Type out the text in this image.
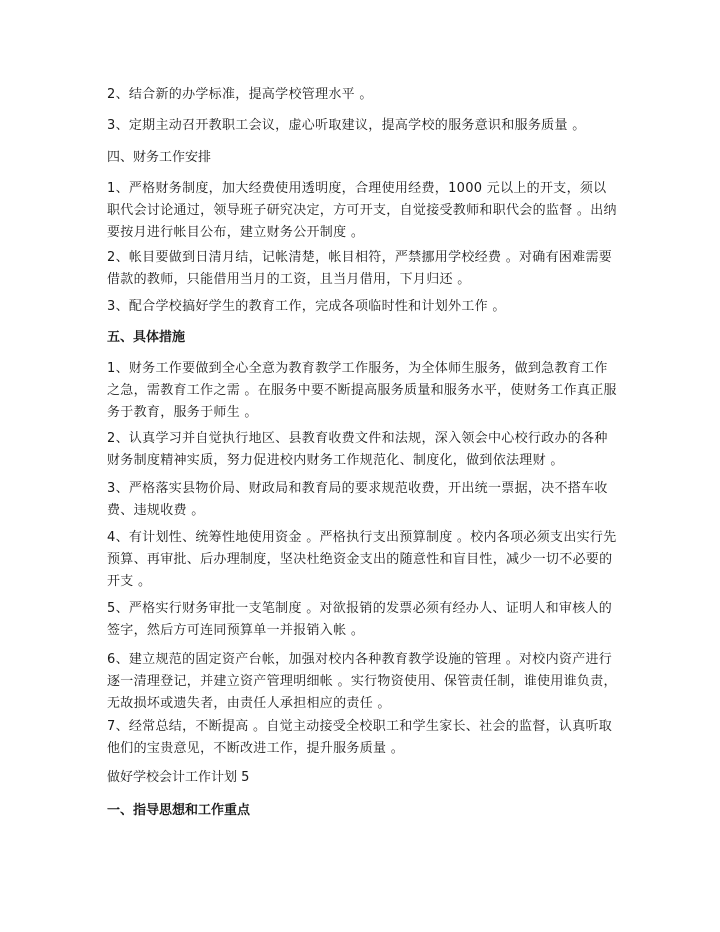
2、结合新的办学标准，提高学校管理水平 。

3、定期主动召开教职工会议，虚心听取建议，提高学校的服务意识和服务质量 。

四、财务工作安排

1、严格财务制度，加大经费使用透明度，合理使用经费，1000 元以上的开支，须以职代会讨论通过，领导班子研究决定，方可开支，自觉接受教师和职代会的监督 。出纳要按月进行帐目公布，建立财务公开制度 。

2、帐目要做到日清月结，记帐清楚，帐目相符，严禁挪用学校经费 。对确有困难需要借款的教师，只能借用当月的工资，且当月借用，下月归还 。

3、配合学校搞好学生的教育工作，完成各项临时性和计划外工作 。

五、具体措施

1、财务工作要做到全心全意为教育教学工作服务，为全体师生服务，做到急教育工作之急，需教育工作之需 。在服务中要不断提高服务质量和服务水平，使财务工作真正服务于教育，服务于师生 。

2、认真学习并自觉执行地区、县教育收费文件和法规，深入领会中心校行政办的各种财务制度精神实质，努力促进校内财务工作规范化、制度化，做到依法理财 。

3、严格落实县物价局、财政局和教育局的要求规范收费，开出统一票据，决不搭车收费、违规收费 。

4、有计划性、统筹性地使用资金 。严格执行支出预算制度 。校内各项必须支出实行先预算、再审批、后办理制度，坚决杜绝资金支出的随意性和盲目性，减少一切不必要的开支 。

5、严格实行财务审批一支笔制度 。对欲报销的发票必须有经办人、证明人和审核人的签字，然后方可连同预算单一并报销入帐 。

6、建立规范的固定资产台帐，加强对校内各种教育教学设施的管理 。对校内资产进行逐一清理登记，并建立资产管理明细帐 。实行物资使用、保管责任制，谁使用谁负责，无故损坏或遗失者，由责任人承担相应的责任 。

7、经常总结，不断提高 。自觉主动接受全校职工和学生家长、社会的监督，认真听取他们的宝贵意见，不断改进工作，提升服务质量 。

做好学校会计工作计划 5

一、指导思想和工作重点
